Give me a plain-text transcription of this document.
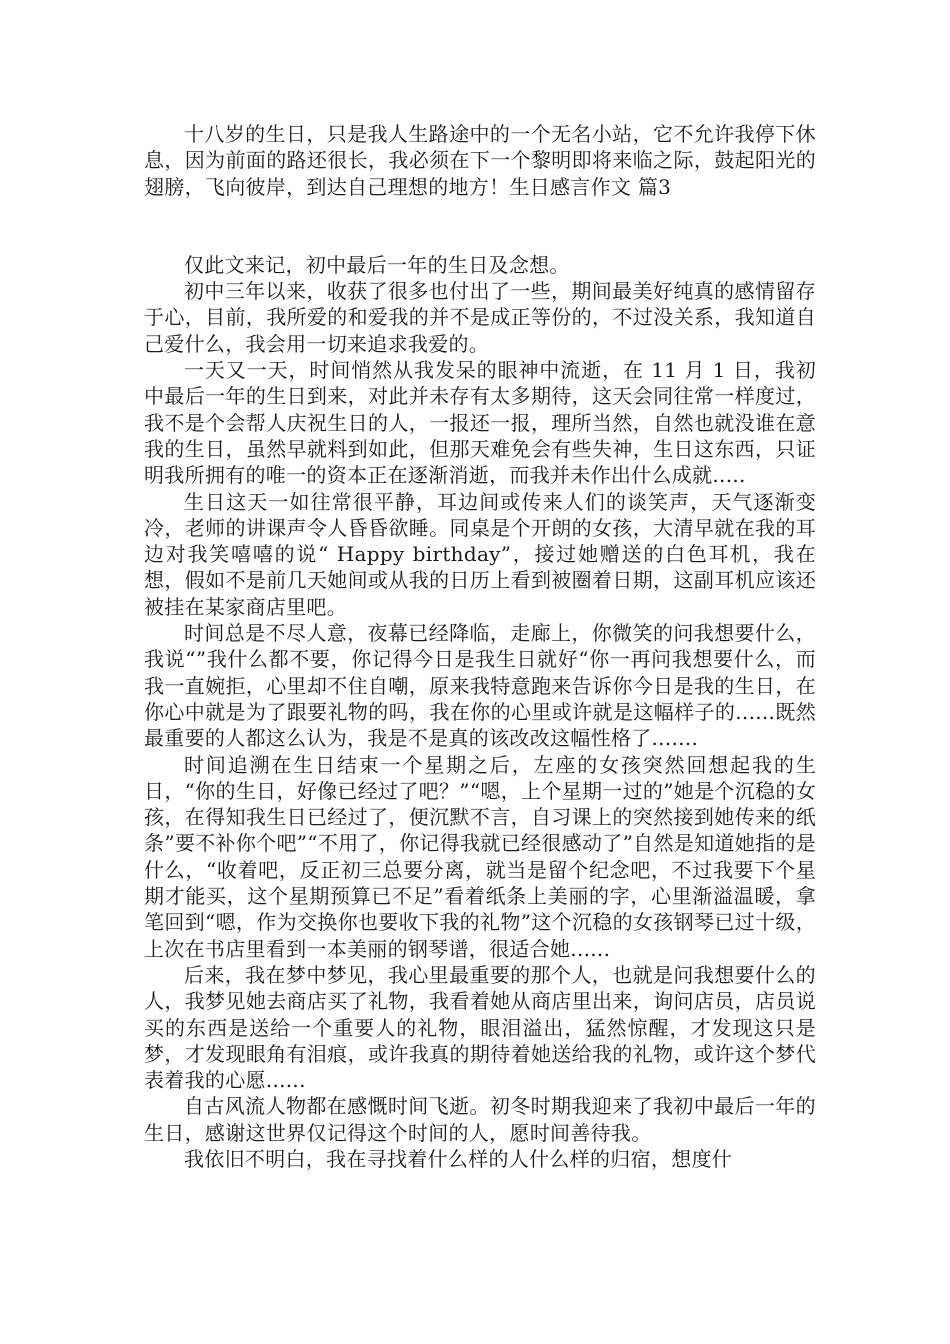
十八岁的生日，只是我人生路途中的一个无名小站，它不允许我停下休息，因为前面的路还很长，我必须在下一个黎明即将来临之际，鼓起阳光的翅膀，飞向彼岸，到达自己理想的地方！生日感言作文 篇3

仅此文来记，初中最后一年的生日及念想。

初中三年以来，收获了很多也付出了一些，期间最美好纯真的感情留存于心，目前，我所爱的和爱我的并不是成正等份的，不过没关系，我知道自己爱什么，我会用一切来追求我爱的。

一天又一天，时间悄然从我发呆的眼神中流逝，在 11 月 1 日，我初中最后一年的生日到来，对此并未存有太多期待，这天会同往常一样度过，我不是个会帮人庆祝生日的人，一报还一报，理所当然，自然也就没谁在意我的生日，虽然早就料到如此，但那天难免会有些失神，生日这东西，只证明我所拥有的唯一的资本正在逐渐消逝，而我并未作出什么成就.....

生日这天一如往常很平静，耳边间或传来人们的谈笑声，天气逐渐变冷，老师的讲课声令人昏昏欲睡。同桌是个开朗的女孩，大清早就在我的耳边对我笑嘻嘻的说“ Happy birthday”，接过她赠送的白色耳机，我在想，假如不是前几天她间或从我的日历上看到被圈着日期，这副耳机应该还被挂在某家商店里吧。

时间总是不尽人意，夜幕已经降临，走廊上，你微笑的问我想要什么，我说“”我什么都不要，你记得今日是我生日就好“你一再问我想要什么，而我一直婉拒，心里却不住自嘲，原来我特意跑来告诉你今日是我的生日，在你心中就是为了跟要礼物的吗，我在你的心里或许就是这幅样子的......既然最重要的人都这么认为，我是不是真的该改改这幅性格了.......

时间追溯在生日结束一个星期之后，左座的女孩突然回想起我的生日，“你的生日，好像已经过了吧？”“嗯，上个星期一过的”她是个沉稳的女孩，在得知我生日已经过了，便沉默不言，自习课上的突然接到她传来的纸条”要不补你个吧”“不用了，你记得我就已经很感动了”自然是知道她指的是什么，“收着吧，反正初三总要分离，就当是留个纪念吧，不过我要下个星期才能买，这个星期预算已不足”看着纸条上美丽的字，心里渐溢温暖，拿笔回到“嗯，作为交换你也要收下我的礼物”这个沉稳的女孩钢琴已过十级，上次在书店里看到一本美丽的钢琴谱，很适合她......

后来，我在梦中梦见，我心里最重要的那个人，也就是问我想要什么的人，我梦见她去商店买了礼物，我看着她从商店里出来，询问店员，店员说买的东西是送给一个重要人的礼物，眼泪溢出，猛然惊醒，才发现这只是梦，才发现眼角有泪痕，或许我真的期待着她送给我的礼物，或许这个梦代表着我的心愿......

自古风流人物都在感慨时间飞逝。初冬时期我迎来了我初中最后一年的生日，感谢这世界仅记得这个时间的人，愿时间善待我。

我依旧不明白，我在寻找着什么样的人什么样的归宿，想度什
